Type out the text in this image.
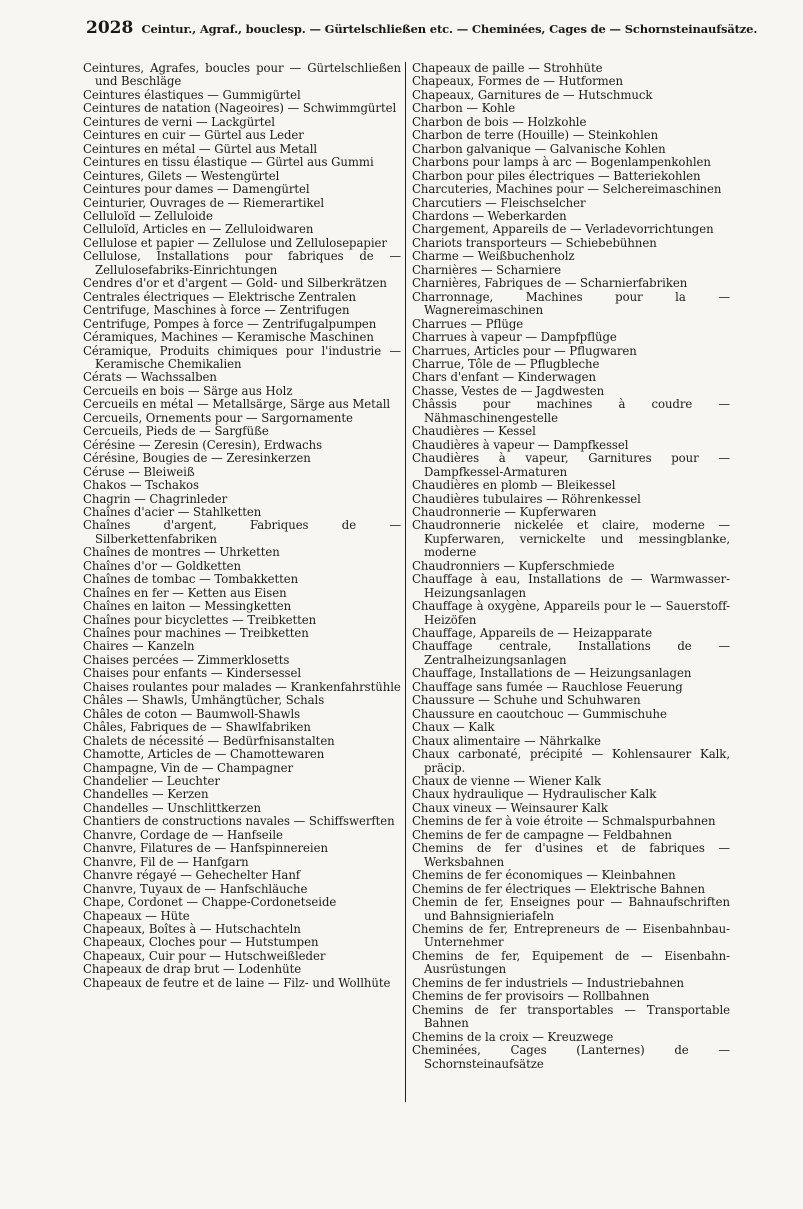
2028 Ceintur., Agraf., bouclesp. — Gürtelschließen etc. — Cheminées, Cages de — Schornsteinaufsätze.
Ceintures, Agrafes, boucles pour — Gürtelschließen und Beschläge
Ceintures élastiques — Gummigürtel
Ceintures de natation (Nageoires) — Schwimmgürtel
Ceintures de verni — Lackgürtel
Ceintures en cuir — Gürtel aus Leder
Ceintures en métal — Gürtel aus Metall
Ceintures en tissu élastique — Gürtel aus Gummi
Ceintures, Gilets — Westengürtel
Ceintures pour dames — Damengürtel
Ceinturier, Ouvrages de — Riemerartikel
Celluloïd — Zelluloide
Celluloïd, Articles en — Zelluloidwaren
Cellulose et papier — Zellulose und Zellulosepapier
Cellulose, Installations pour fabriques de — Zellulosefabriks-Einrichtungen
Cendres d'or et d'argent — Gold- und Silberkrätzen
Centrales électriques — Elektrische Zentralen
Centrifuge, Maschines à force — Zentrifugen
Centrifuge, Pompes à force — Zentrifugalpumpen
Céramiques, Machines — Keramische Maschinen
Céramique, Produits chimiques pour l'industrie — Keramische Chemikalien
Cérats — Wachssalben
Cercueils en bois — Särge aus Holz
Cercueils en métal — Metallsärge, Särge aus Metall
Cercueils, Ornements pour — Sargornamente
Cercueils, Pieds de — Sargfüße
Cérésine — Zeresin (Ceresin), Erdwachs
Cérésine, Bougies de — Zeresinkerzen
Céruse — Bleiweiß
Chakos — Tschakos
Chagrin — Chagrinleder
Chaînes d'acier — Stahlketten
Chaînes d'argent, Fabriques de — Silberkettenfabriken
Chaînes de montres — Uhrketten
Chaînes d'or — Goldketten
Chaînes de tombac — Tombakketten
Chaînes en fer — Ketten aus Eisen
Chaînes en laiton — Messingketten
Chaînes pour bicyclettes — Treibketten
Chaînes pour machines — Treibketten
Chaires — Kanzeln
Chaises percées — Zimmerklosetts
Chaises pour enfants — Kindersessel
Chaises roulantes pour malades — Krankenfahrstühle
Châles — Shawls, Umhängtücher, Schals
Châles de coton — Baumwoll-Shawls
Châles, Fabriques de — Shawlfabriken
Chalets de nécessité — Bedürfnisanstalten
Chamotte, Articles de — Chamottewaren
Champagne, Vin de — Champagner
Chandelier — Leuchter
Chandelles — Kerzen
Chandelles — Unschlittkerzen
Chantiers de constructions navales — Schiffswerften
Chanvre, Cordage de — Hanfseile
Chanvre, Filatures de — Hanfspinnereien
Chanvre, Fil de — Hanfgarn
Chanvre régayé — Gehechelter Hanf
Chanvre, Tuyaux de — Hanfschläuche
Chape, Cordonet — Chappe-Cordonetseide
Chapeaux — Hüte
Chapeaux, Boîtes à — Hutschachteln
Chapeaux, Cloches pour — Hutstumpen
Chapeaux, Cuir pour — Hutschweißleder
Chapeaux de drap brut — Lodenhüte
Chapeaux de feutre et de laine — Filz- und Wollhüte
Chapeaux de paille — Strohhüte
Chapeaux, Formes de — Hutformen
Chapeaux, Garnitures de — Hutschmuck
Charbon — Kohle
Charbon de bois — Holzkohle
Charbon de terre (Houille) — Steinkohlen
Charbon galvanique — Galvanische Kohlen
Charbons pour lamps à arc — Bogenlampenkohlen
Charbon pour piles électriques — Batteriekohlen
Charcuteries, Machines pour — Selchereimaschinen
Charcutiers — Fleischselcher
Chardons — Weberkarden
Chargement, Appareils de — Verladevorrichtungen
Chariots transporteurs — Schiebebühnen
Charme — Weißbuchenholz
Charnières — Scharniere
Charnières, Fabriques de — Scharnierfabriken
Charronnage, Machines pour la — Wagnereimaschinen
Charrues — Pflüge
Charrues à vapeur — Dampfpflüge
Charrues, Articles pour — Pflugwaren
Charrue, Tôle de — Pflugbleche
Chars d'enfant — Kinderwagen
Chasse, Vestes de — Jagdwesten
Châssis pour machines à coudre — Nähmaschinengestelle
Chaudières — Kessel
Chaudières à vapeur — Dampfkessel
Chaudières à vapeur, Garnitures pour — Dampfkessel-Armaturen
Chaudières en plomb — Bleikessel
Chaudières tubulaires — Röhrenkessel
Chaudronnerie — Kupferwaren
Chaudronnerie nickelée et claire, moderne — Kupferwaren, vernickelte und messingblanke, moderne
Chaudronniers — Kupferschmiede
Chauffage à eau, Installations de — Warmwasser-Heizungsanlagen
Chauffage à oxygène, Appareils pour le — Sauerstoff-Heizöfen
Chauffage, Appareils de — Heizapparate
Chauffage centrale, Installations de — Zentralheizungsanlagen
Chauffage, Installations de — Heizungsanlagen
Chauffage sans fumée — Rauchlose Feuerung
Chaussure — Schuhe und Schuhwaren
Chaussure en caoutchouc — Gummischuhe
Chaux — Kalk
Chaux alimentaire — Nährkalke
Chaux carbonaté, précipité — Kohlensaurer Kalk, präcip.
Chaux de vienne — Wiener Kalk
Chaux hydraulique — Hydraulischer Kalk
Chaux vineux — Weinsaurer Kalk
Chemins de fer à voie étroite — Schmalspurbahnen
Chemins de fer de campagne — Feldbahnen
Chemins de fer d'usines et de fabriques — Werksbahnen
Chemins de fer économiques — Kleinbahnen
Chemins de fer électriques — Elektrische Bahnen
Chemin de fer, Enseignes pour — Bahnaufschriften und Bahnsignieriafeln
Chemins de fer, Entrepreneurs de — Eisenbahnbau-Unternehmer
Chemins de fer, Equipement de — Eisenbahn-Ausrüstungen
Chemins de fer industriels — Industriebahnen
Chemins de fer provisoirs — Rollbahnen
Chemins de fer transportables — Transportable Bahnen
Chemins de la croix — Kreuzwege
Cheminées, Cages (Lanternes) de — Schornsteinaufsätze
